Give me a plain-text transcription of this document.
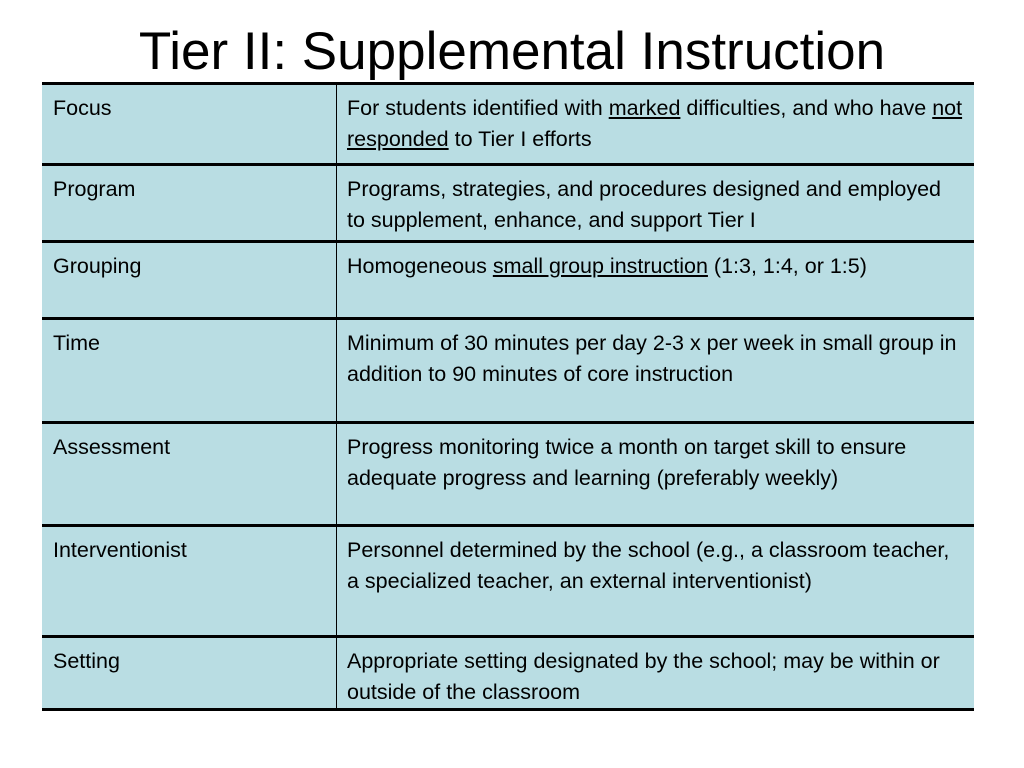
Tier II: Supplemental Instruction
Focus	For students identified with marked difficulties, and who have not responded to Tier I efforts
Program	Programs, strategies, and procedures designed and employed to supplement, enhance, and support Tier I
Grouping	Homogeneous small group instruction (1:3, 1:4, or 1:5)
Time	Minimum of 30 minutes per day 2-3 x per week in small group in addition to 90 minutes of core instruction
Assessment	Progress monitoring twice a month on target skill to ensure adequate progress and learning (preferably weekly)
Interventionist	Personnel determined by the school (e.g., a classroom teacher, a specialized teacher, an external interventionist)
Setting	Appropriate setting designated by the school; may be within or outside of the classroom
